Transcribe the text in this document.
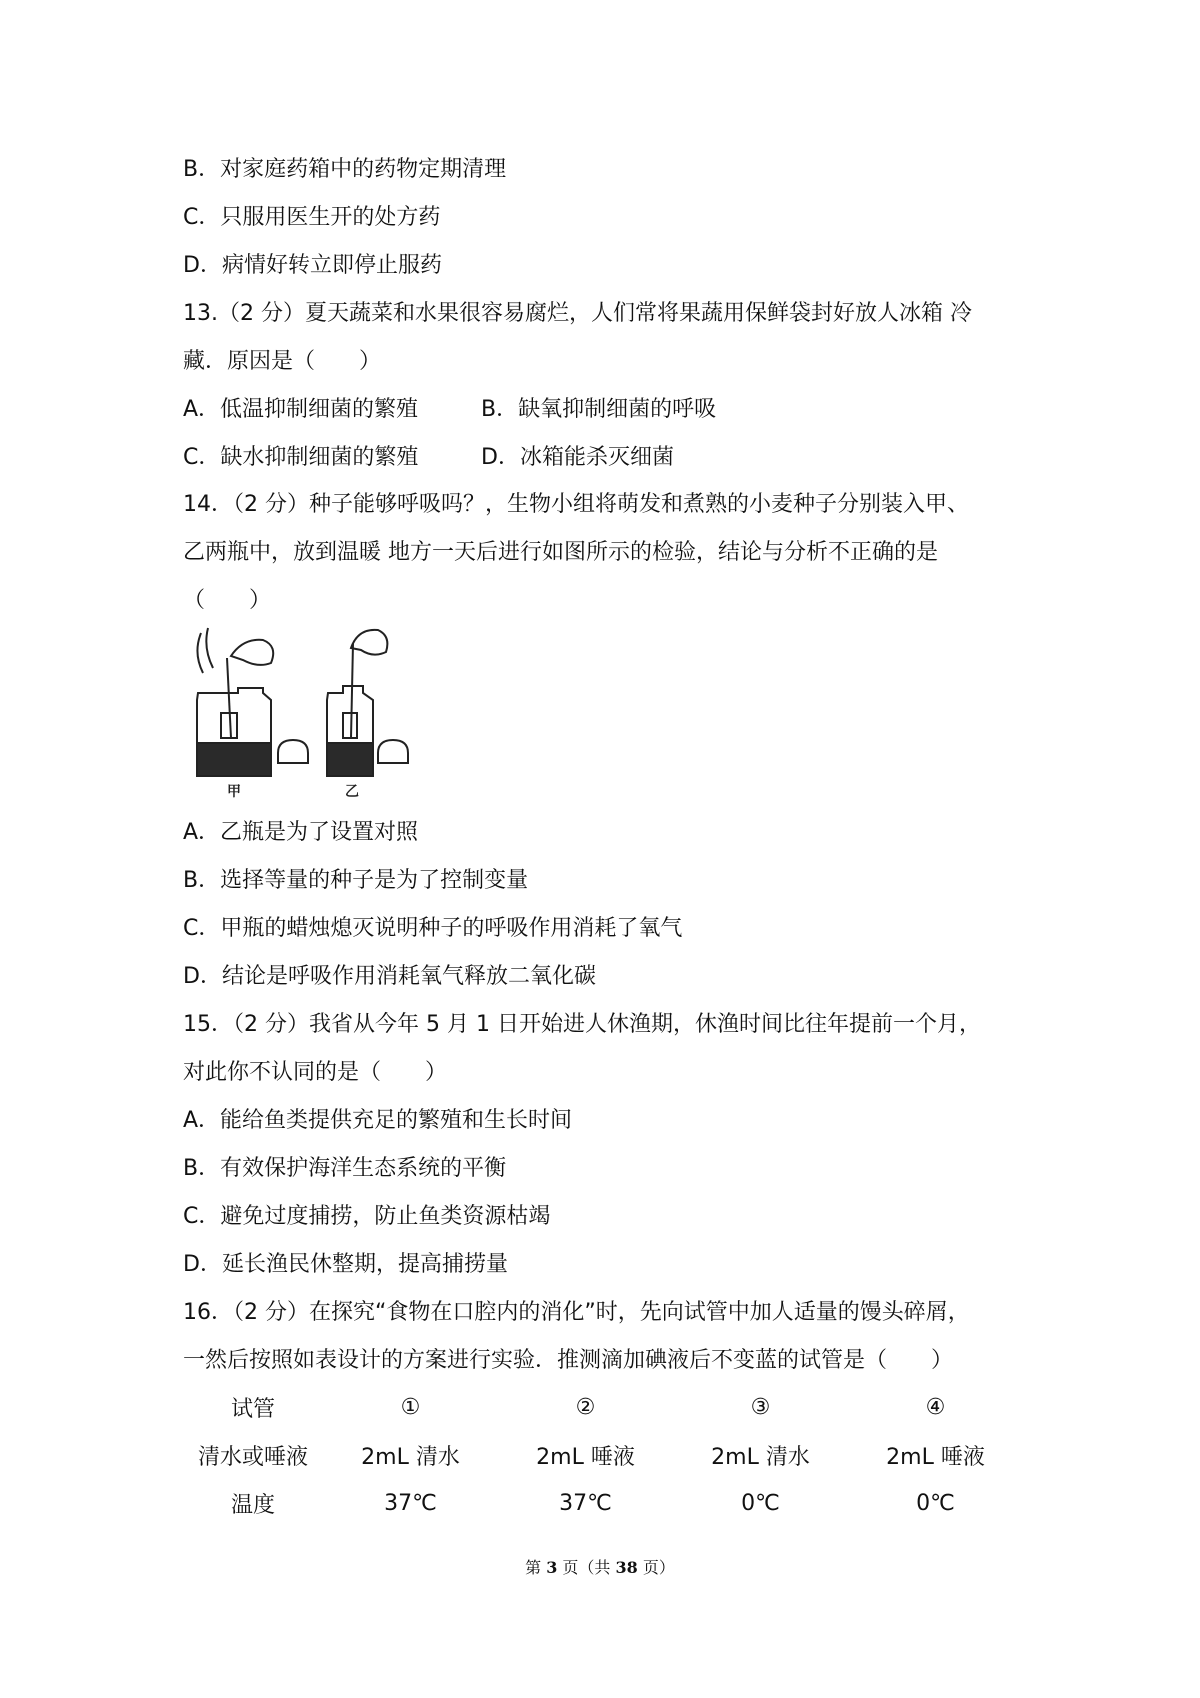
B．对家庭药箱中的药物定期清理
C．只服用医生开的处方药
D．病情好转立即停止服药
13.（2 分）夏天蔬菜和水果很容易腐烂，人们常将果蔬用保鲜袋封好放人冰箱 冷
藏．原因是（　　）
A．低温抑制细菌的繁殖	B．缺氧抑制细菌的呼吸
C．缺水抑制细菌的繁殖	D．冰箱能杀灭细菌
14．（2 分）种子能够呼吸吗？，生物小组将萌发和煮熟的小麦种子分别装入甲、
乙两瓶中，放到温暖 地方一天后进行如图所示的检验，结论与分析不正确的是
（　　）
甲	乙
A．乙瓶是为了设置对照
B．选择等量的种子是为了控制变量
C．甲瓶的蜡烛熄灭说明种子的呼吸作用消耗了氧气
D．结论是呼吸作用消耗氧气释放二氧化碳
15．（2 分）我省从今年 5 月 1 日开始进人休渔期，休渔时间比往年提前一个月，
对此你不认同的是（　　）
A．能给鱼类提供充足的繁殖和生长时间
B．有效保护海洋生态系统的平衡
C．避免过度捕捞，防止鱼类资源枯竭
D．延长渔民休整期，提高捕捞量
16．（2 分）在探究“食物在口腔内的消化”时，先向试管中加人适量的馒头碎屑，
一然后按照如表设计的方案进行实验．推测滴加碘液后不变蓝的试管是（　　）
试管	①	②	③	④
清水或唾液	2mL 清水	2mL 唾液	2mL 清水	2mL 唾液
温度	37℃	37℃	0℃	0℃
第 3 页（共 38 页）
